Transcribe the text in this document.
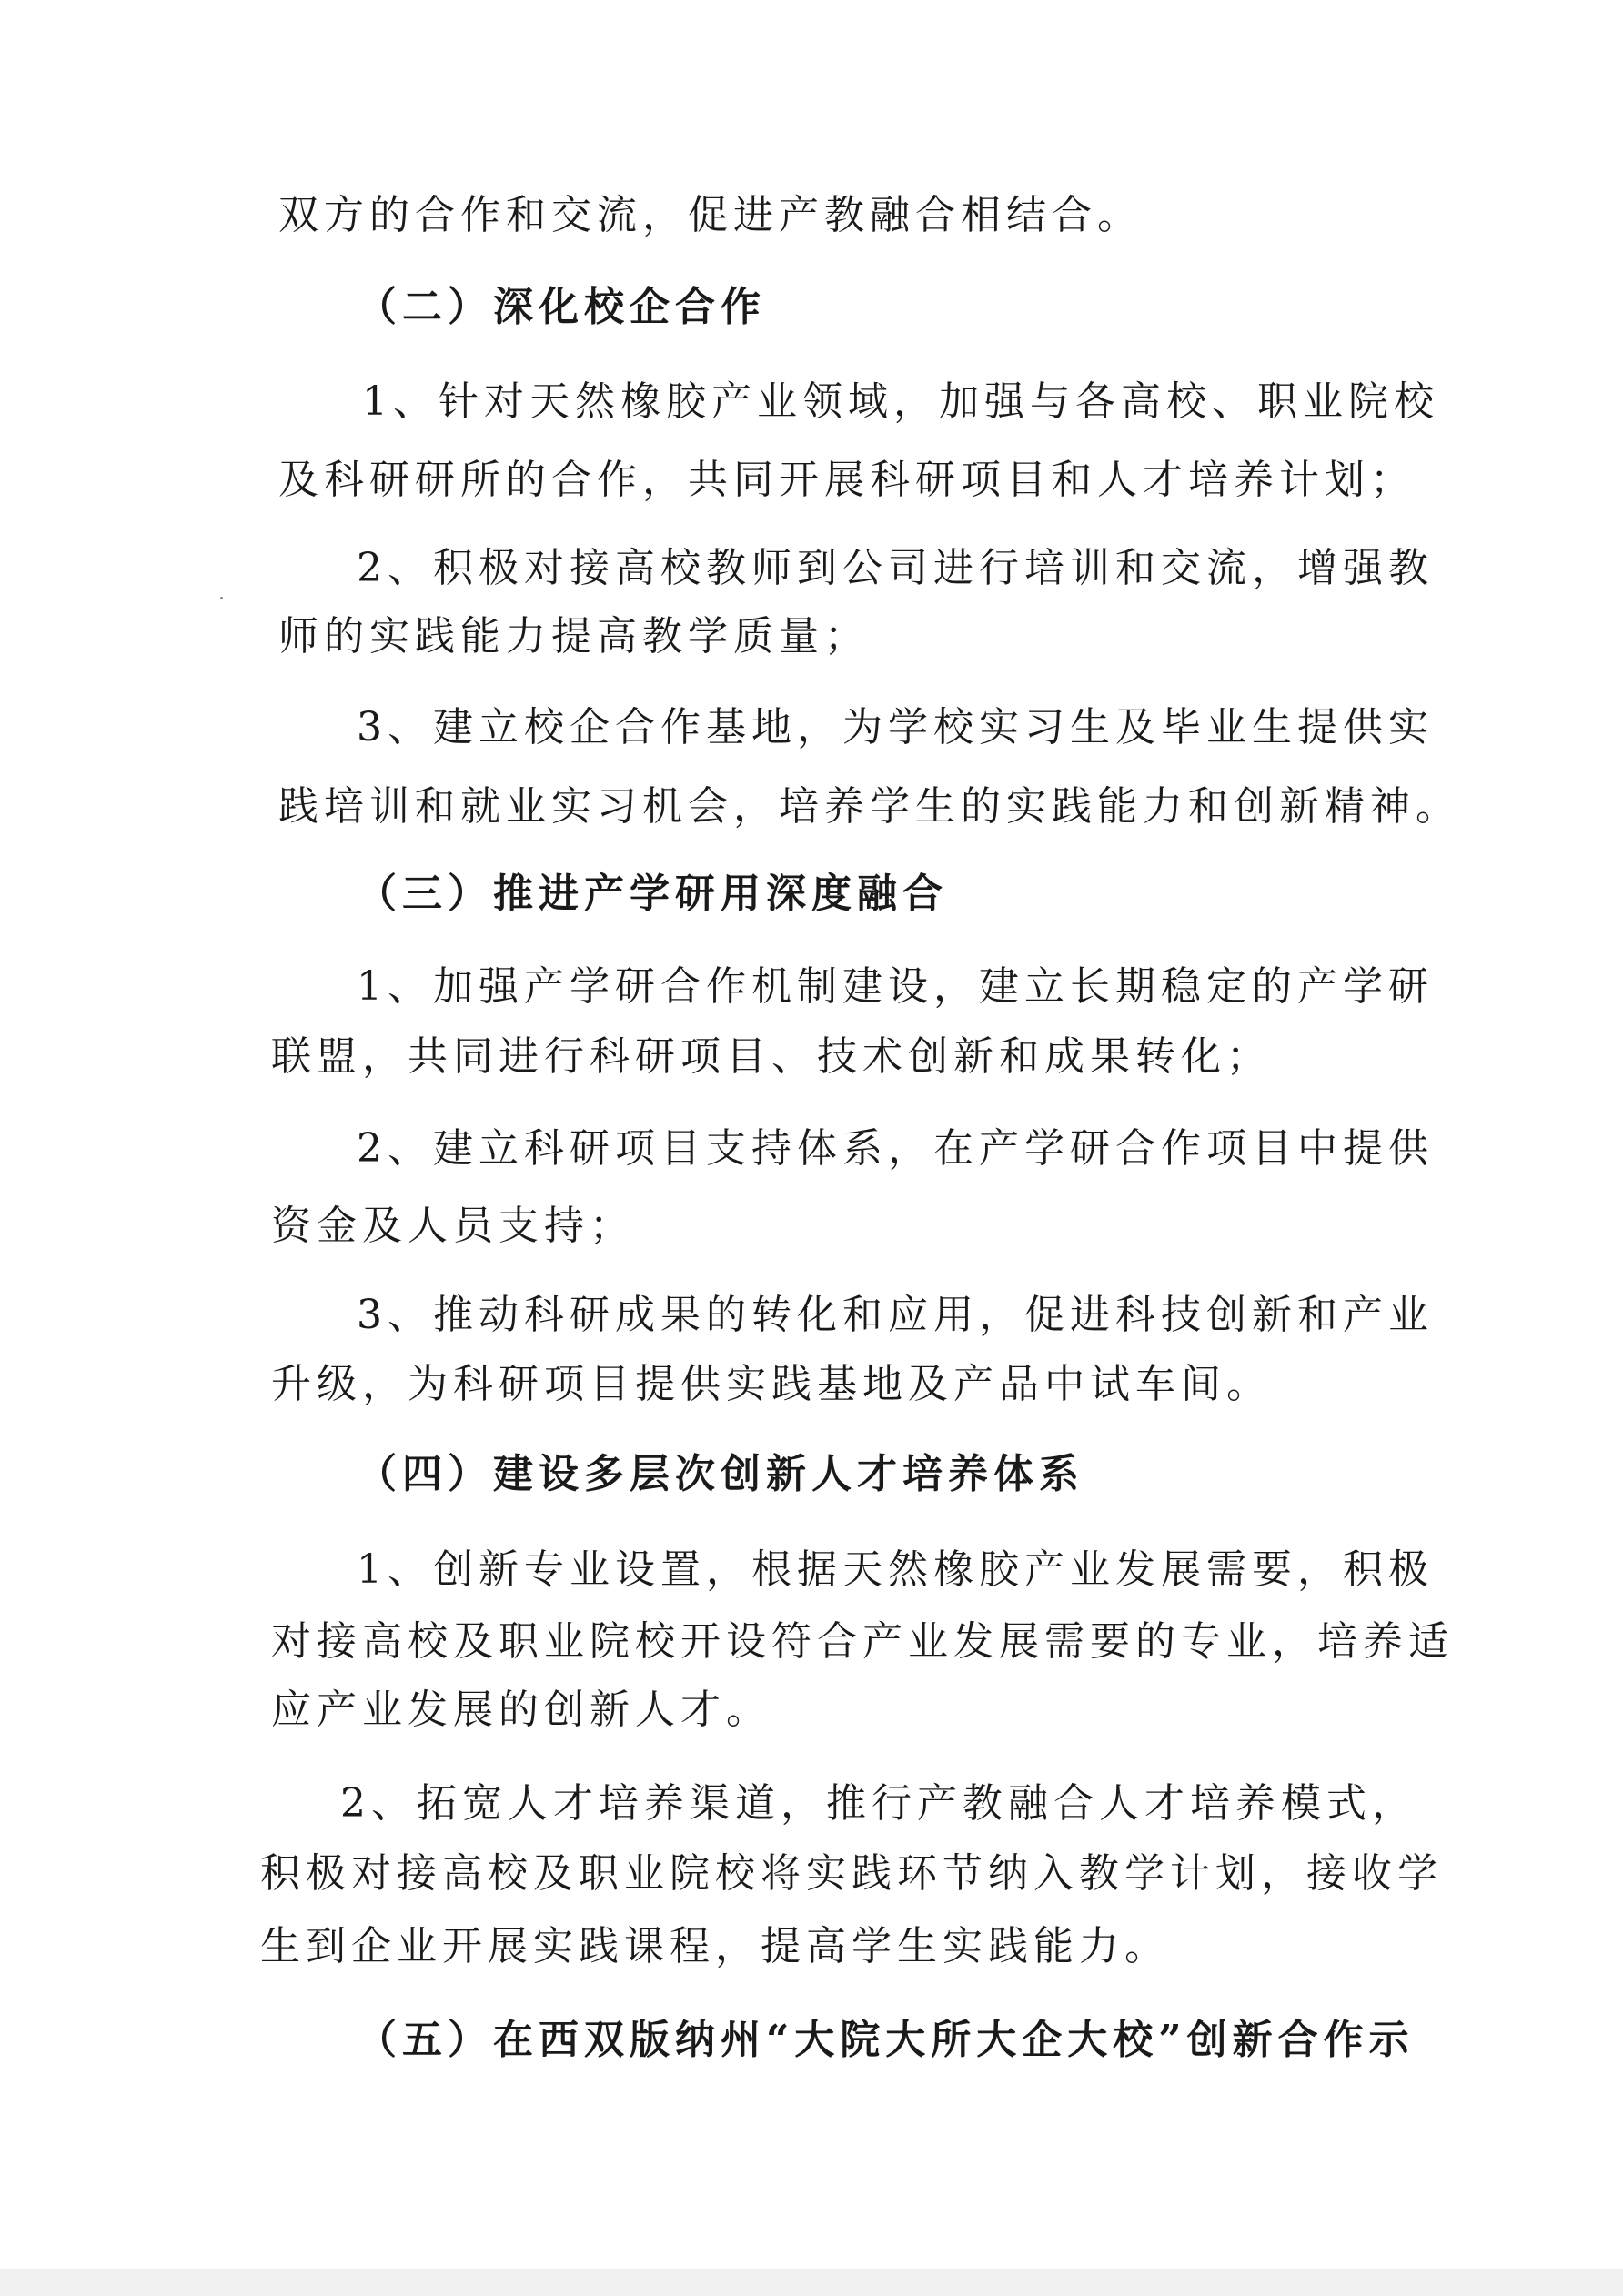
双方的合作和交流，促进产教融合相结合。
（二）深化校企合作
1、针对天然橡胶产业领域，加强与各高校、职业院校
及科研研所的合作，共同开展科研项目和人才培养计划；
2、积极对接高校教师到公司进行培训和交流，增强教
师的实践能力提高教学质量；
3、建立校企合作基地，为学校实习生及毕业生提供实
践培训和就业实习机会，培养学生的实践能力和创新精神。
（三）推进产学研用深度融合
1、加强产学研合作机制建设，建立长期稳定的产学研
联盟，共同进行科研项目、技术创新和成果转化；
2、建立科研项目支持体系，在产学研合作项目中提供
资金及人员支持；
3、推动科研成果的转化和应用，促进科技创新和产业
升级，为科研项目提供实践基地及产品中试车间。
（四）建设多层次创新人才培养体系
1、创新专业设置，根据天然橡胶产业发展需要，积极
对接高校及职业院校开设符合产业发展需要的专业，培养适
应产业发展的创新人才。
2、拓宽人才培养渠道，推行产教融合人才培养模式，
积极对接高校及职业院校将实践环节纳入教学计划，接收学
生到企业开展实践课程，提高学生实践能力。
（五）在西双版纳州“大院大所大企大校”创新合作示
